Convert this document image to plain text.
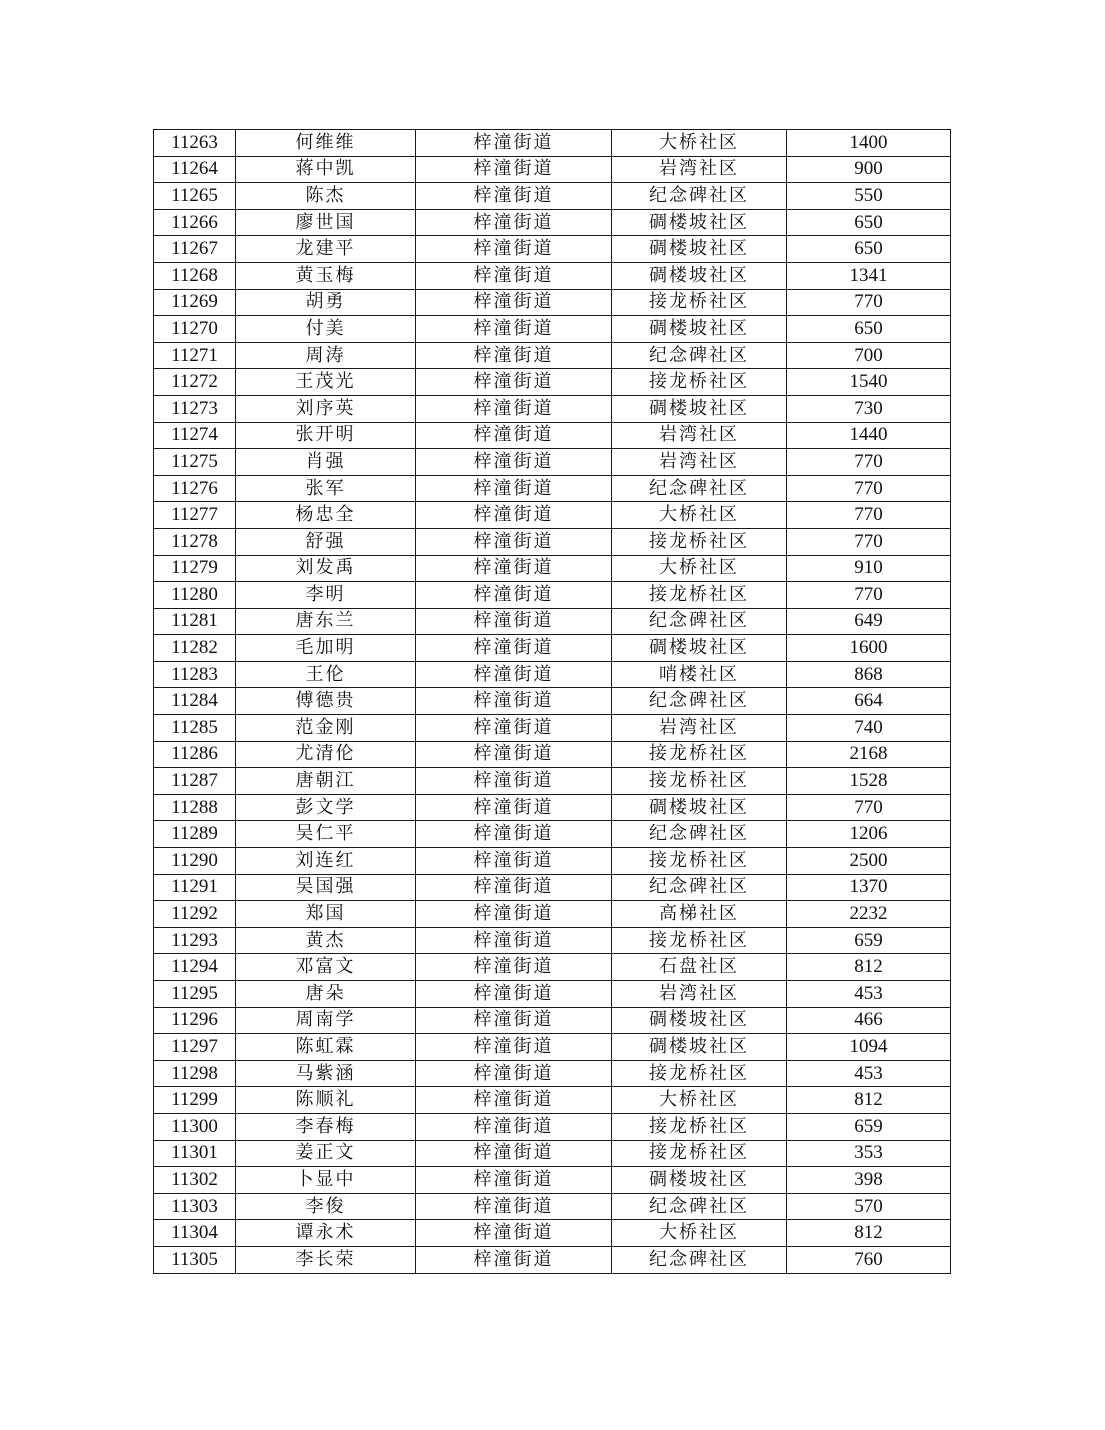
11263	何维维	梓潼街道	大桥社区	1400
11264	蒋中凯	梓潼街道	岩湾社区	900
11265	陈杰	梓潼街道	纪念碑社区	550
11266	廖世国	梓潼街道	碉楼坡社区	650
11267	龙建平	梓潼街道	碉楼坡社区	650
11268	黄玉梅	梓潼街道	碉楼坡社区	1341
11269	胡勇	梓潼街道	接龙桥社区	770
11270	付美	梓潼街道	碉楼坡社区	650
11271	周涛	梓潼街道	纪念碑社区	700
11272	王茂光	梓潼街道	接龙桥社区	1540
11273	刘序英	梓潼街道	碉楼坡社区	730
11274	张开明	梓潼街道	岩湾社区	1440
11275	肖强	梓潼街道	岩湾社区	770
11276	张军	梓潼街道	纪念碑社区	770
11277	杨忠全	梓潼街道	大桥社区	770
11278	舒强	梓潼街道	接龙桥社区	770
11279	刘发禹	梓潼街道	大桥社区	910
11280	李明	梓潼街道	接龙桥社区	770
11281	唐东兰	梓潼街道	纪念碑社区	649
11282	毛加明	梓潼街道	碉楼坡社区	1600
11283	王伦	梓潼街道	哨楼社区	868
11284	傅德贵	梓潼街道	纪念碑社区	664
11285	范金刚	梓潼街道	岩湾社区	740
11286	尤清伦	梓潼街道	接龙桥社区	2168
11287	唐朝江	梓潼街道	接龙桥社区	1528
11288	彭文学	梓潼街道	碉楼坡社区	770
11289	吴仁平	梓潼街道	纪念碑社区	1206
11290	刘连红	梓潼街道	接龙桥社区	2500
11291	吴国强	梓潼街道	纪念碑社区	1370
11292	郑国	梓潼街道	高梯社区	2232
11293	黄杰	梓潼街道	接龙桥社区	659
11294	邓富文	梓潼街道	石盘社区	812
11295	唐朵	梓潼街道	岩湾社区	453
11296	周南学	梓潼街道	碉楼坡社区	466
11297	陈虹霖	梓潼街道	碉楼坡社区	1094
11298	马紫涵	梓潼街道	接龙桥社区	453
11299	陈顺礼	梓潼街道	大桥社区	812
11300	李春梅	梓潼街道	接龙桥社区	659
11301	姜正文	梓潼街道	接龙桥社区	353
11302	卜显中	梓潼街道	碉楼坡社区	398
11303	李俊	梓潼街道	纪念碑社区	570
11304	谭永术	梓潼街道	大桥社区	812
11305	李长荣	梓潼街道	纪念碑社区	760
